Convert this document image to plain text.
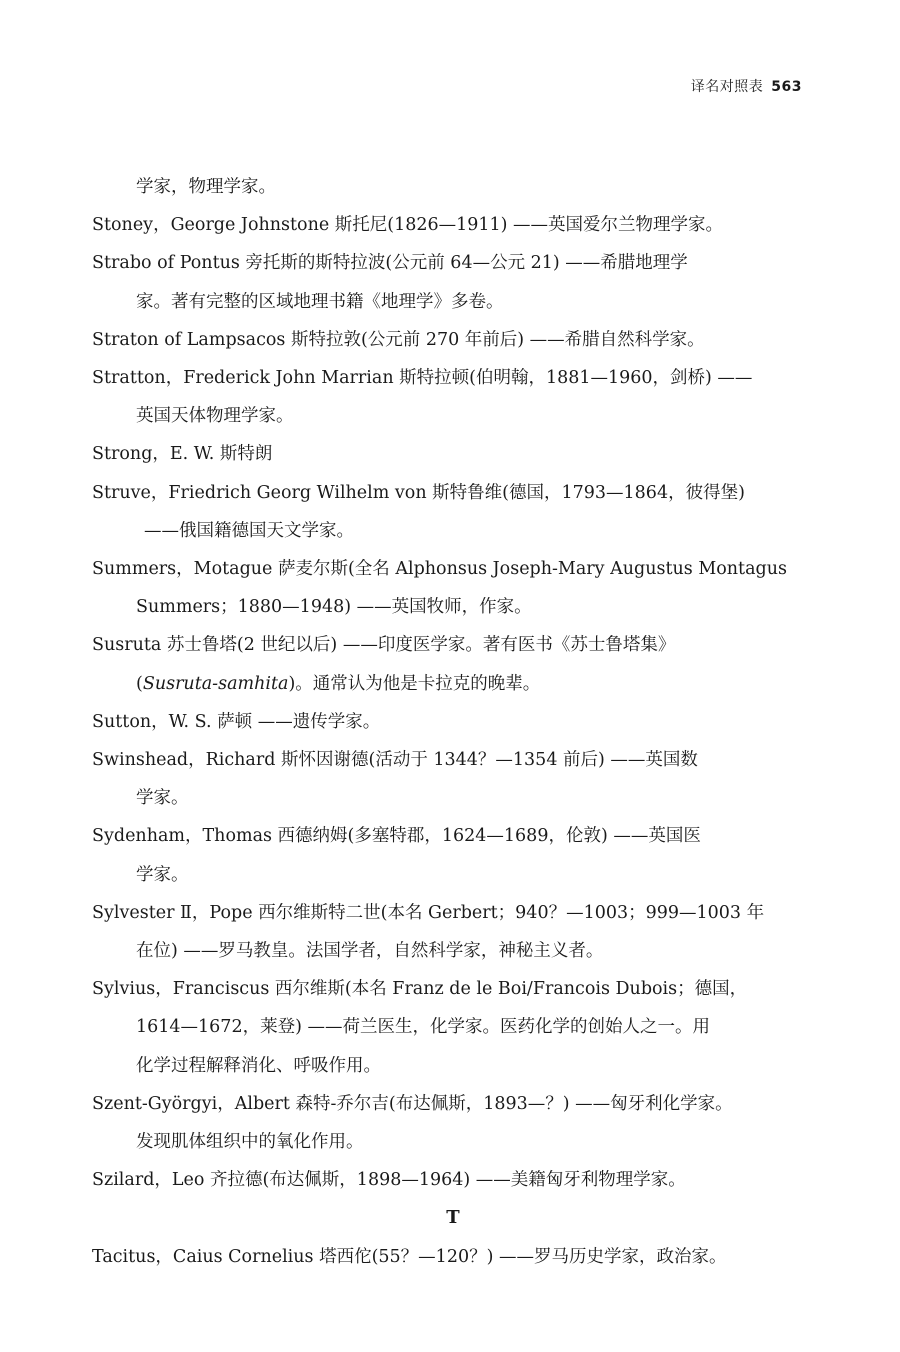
译名对照表 563
学家，物理学家。
Stoney，George Johnstone 斯托尼(1826—1911) ——英国爱尔兰物理学家。
Strabo of Pontus 旁托斯的斯特拉波(公元前 64—公元 21) ——希腊地理学
家。著有完整的区域地理书籍《地理学》多卷。
Straton of Lampsacos 斯特拉敦(公元前 270 年前后) ——希腊自然科学家。
Stratton，Frederick John Marrian 斯特拉顿(伯明翰，1881—1960，剑桥) ——
英国天体物理学家。
Strong，E. W. 斯特朗
Struve，Friedrich Georg Wilhelm von 斯特鲁维(德国，1793—1864，彼得堡)
——俄国籍德国天文学家。
Summers，Motague 萨麦尔斯(全名 Alphonsus Joseph-Mary Augustus Montagus
Summers；1880—1948) ——英国牧师，作家。
Susruta 苏士鲁塔(2 世纪以后) ——印度医学家。著有医书《苏士鲁塔集》
(Susruta-samhita)。通常认为他是卡拉克的晚辈。
Sutton，W. S. 萨顿 ——遗传学家。
Swinshead，Richard 斯怀因谢德(活动于 1344？—1354 前后) ——英国数
学家。
Sydenham，Thomas 西德纳姆(多塞特郡，1624—1689，伦敦) ——英国医
学家。
Sylvester Ⅱ，Pope 西尔维斯特二世(本名 Gerbert；940？—1003；999—1003 年
在位) ——罗马教皇。法国学者，自然科学家，神秘主义者。
Sylvius，Franciscus 西尔维斯(本名 Franz de le Boi/Francois Dubois；德国，
1614—1672，莱登) ——荷兰医生，化学家。医药化学的创始人之一。用
化学过程解释消化、呼吸作用。
Szent-Györgyi，Albert 森特-乔尔吉(布达佩斯，1893—？) ——匈牙利化学家。
发现肌体组织中的氧化作用。
Szilard，Leo 齐拉德(布达佩斯，1898—1964) ——美籍匈牙利物理学家。
T
Tacitus，Caius Cornelius 塔西佗(55？—120？) ——罗马历史学家，政治家。
